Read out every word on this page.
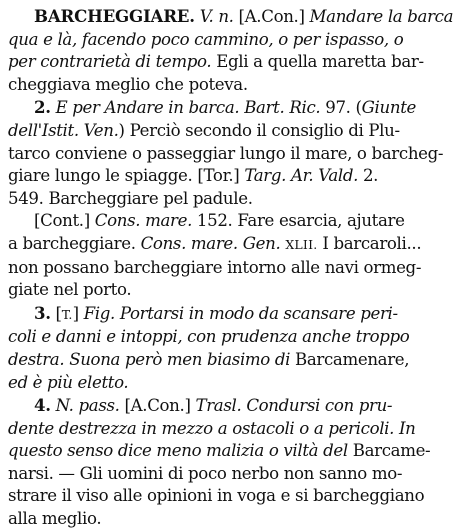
BARCHEGGIARE. V. n. [A.Con.] Mandare la barca
qua e là, facendo poco cammino, o per ispasso, o
per contrarietà di tempo. Egli a quella maretta bar-
cheggiava meglio che poteva.
2. E per Andare in barca. Bart. Ric. 97. (Giunte
dell'Istit. Ven.) Perciò secondo il consiglio di Plu-
tarco conviene o passeggiar lungo il mare, o barcheg-
giare lungo le spiagge. [Tor.] Targ. Ar. Vald. 2.
549. Barcheggiare pel padule.
[Cont.] Cons. mare. 152. Fare esarcia, ajutare
a barcheggiare. Cons. mare. Gen. XLII. I barcaroli...
non possano barcheggiare intorno alle navi ormeg-
giate nel porto.
3. [T.] Fig. Portarsi in modo da scansare peri-
coli e danni e intoppi, con prudenza anche troppo
destra. Suona però men biasimo di Barcamenare,
ed è più eletto.
4. N. pass. [A.Con.] Trasl. Condursi con pru-
dente destrezza in mezzo a ostacoli o a pericoli. In
questo senso dice meno malizia o viltà del Barcame-
narsi. — Gli uomini di poco nerbo non sanno mo-
strare il viso alle opinioni in voga e si barcheggiano
alla meglio.
